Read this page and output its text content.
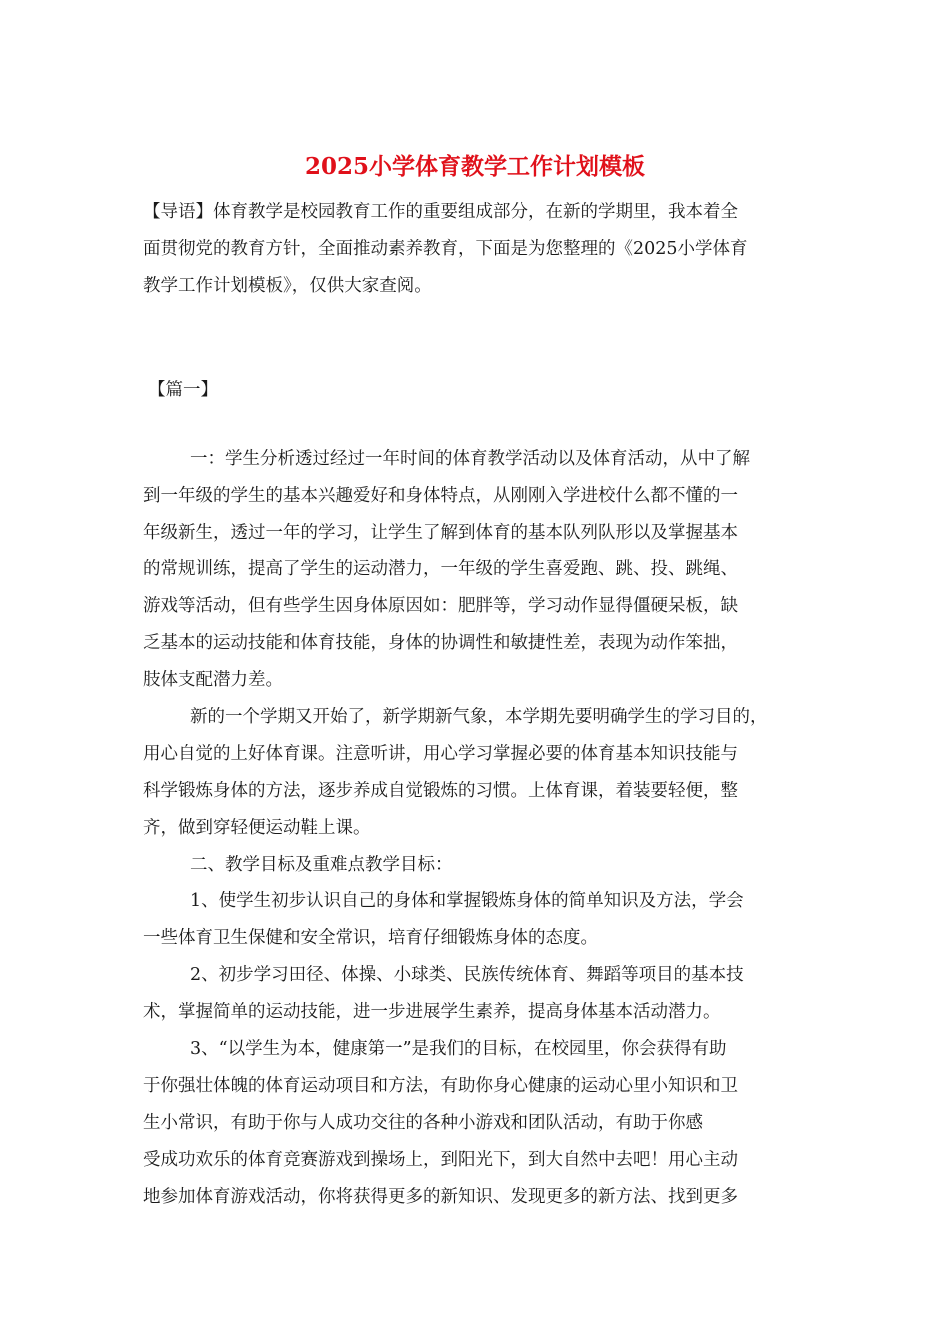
2025小学体育教学工作计划模板
【导语】体育教学是校园教育工作的重要组成部分，在新的学期里，我本着全
面贯彻党的教育方针，全面推动素养教育，下面是为您整理的《2025小学体育
教学工作计划模板》，仅供大家查阅。
【篇一】
一：学生分析透过经过一年时间的体育教学活动以及体育活动，从中了解
到一年级的学生的基本兴趣爱好和身体特点，从刚刚入学进校什么都不懂的一
年级新生，透过一年的学习，让学生了解到体育的基本队列队形以及掌握基本
的常规训练，提高了学生的运动潜力，一年级的学生喜爱跑、跳、投、跳绳、
游戏等活动，但有些学生因身体原因如：肥胖等，学习动作显得僵硬呆板，缺
乏基本的运动技能和体育技能，身体的协调性和敏捷性差，表现为动作笨拙，
肢体支配潜力差。
新的一个学期又开始了，新学期新气象，本学期先要明确学生的学习目的，
用心自觉的上好体育课。注意听讲，用心学习掌握必要的体育基本知识技能与
科学锻炼身体的方法，逐步养成自觉锻炼的习惯。上体育课，着装要轻便，整
齐，做到穿轻便运动鞋上课。
二、教学目标及重难点教学目标：
1、使学生初步认识自己的身体和掌握锻炼身体的简单知识及方法，学会
一些体育卫生保健和安全常识，培育仔细锻炼身体的态度。
2、初步学习田径、体操、小球类、民族传统体育、舞蹈等项目的基本技
术，掌握简单的运动技能，进一步进展学生素养，提高身体基本活动潜力。
3、“以学生为本，健康第一”是我们的目标，在校园里，你会获得有助
于你强壮体魄的体育运动项目和方法，有助你身心健康的运动心里小知识和卫
生小常识，有助于你与人成功交往的各种小游戏和团队活动，有助于你感
受成功欢乐的体育竞赛游戏到操场上，到阳光下，到大自然中去吧！用心主动
地参加体育游戏活动，你将获得更多的新知识、发现更多的新方法、找到更多
